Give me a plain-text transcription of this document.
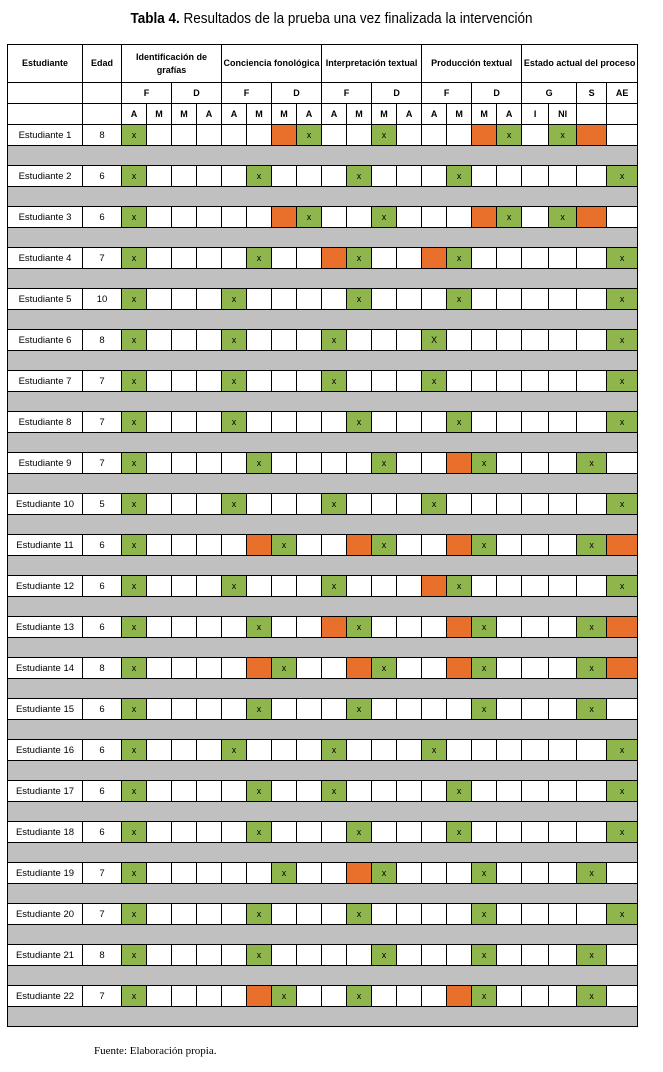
Tabla 4. Resultados de la prueba una vez finalizada la intervención
Estudiante	Edad	Identificación de grafías				Conciencia fonológica				Interpretación textual				Producción textual				Estado actual del proceso			
		F		D		F		D		F		D		F		D		G		S	AE
		A	M	M	A	A	M	M	A	A	M	M	A	A	M	M	A	I	NI		
Estudiante 1	8	x							x			x					x		x		

Estudiante 2	6	x					x				x				x						x

Estudiante 3	6	x							x			x					x		x		

Estudiante 4	7	x					x				x				x						x

Estudiante 5	10	x				x					x				x						x

Estudiante 6	8	x				x				x				X							x

Estudiante 7	7	x				x				x				x							x

Estudiante 8	7	x				x					x				x						x

Estudiante 9	7	x					x					x				x				x	

Estudiante 10	5	x				x				x				x							x

Estudiante 11	6	x						x				x				x				x	

Estudiante 12	6	x				x				x					x						x

Estudiante 13	6	x					x				x					x				x	

Estudiante 14	8	x						x				x				x				x	

Estudiante 15	6	x					x				x					x				x	

Estudiante 16	6	x				x				x				x							x

Estudiante 17	6	x					x			x					x						x

Estudiante 18	6	x					x				x				x						x

Estudiante 19	7	x						x				x				x				x	

Estudiante 20	7	x					x				x					x					x

Estudiante 21	8	x					x					x				x				x	

Estudiante 22	7	x						x			x					x				x	

Fuente: Elaboración propia.
